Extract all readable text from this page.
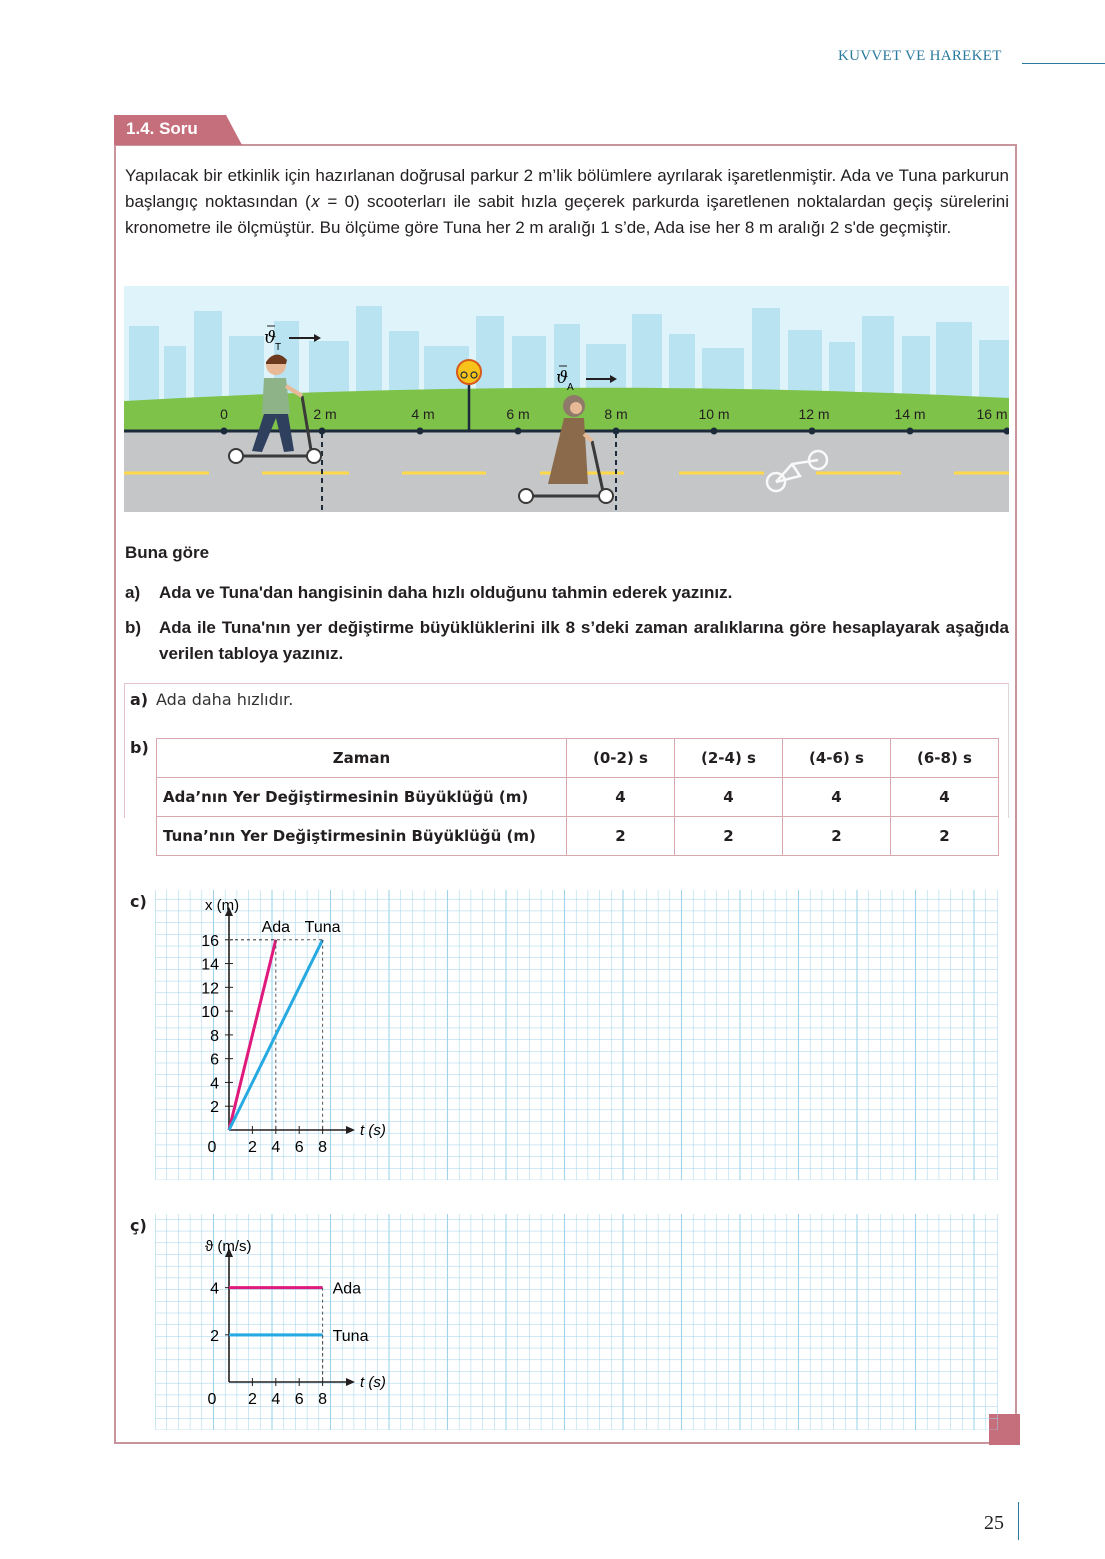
KUVVET VE HAREKET
1.4. Soru
Yapılacak bir etkinlik için hazırlanan doğrusal parkur 2 m’lik bölümlere ayrılarak işaretlenmiştir. Ada ve Tuna parkurun başlangıç noktasından (𝑥 = 0) scooterları ile sabit hızla geçerek parkurda işaretlenen noktalardan geçiş sürelerini kronometre ile ölçmüştür. Bu ölçüme göre Tuna her 2 m aralığı 1 s’de, Ada ise her 8 m aralığı 2 s'de geçmiştir.
0	2 m	4 m	6 m	8 m	10 m	12 m	14 m	16 m
ϑ
T
ϑ
A
Buna göre
a) Ada ve Tuna'dan hangisinin daha hızlı olduğunu tahmin ederek yazınız.
b) Ada ile Tuna'nın yer değiştirme büyüklüklerini ilk 8 s’deki zaman aralıklarına göre hesaplayarak aşağıda verilen tabloya yazınız.
a) Ada daha hızlıdır.
b)
Zaman	(0-2) s	(2-4) s	(4-6) s	(6-8) s
Ada’nın Yer Değiştirmesinin Büyüklüğü (m)	4	4	4	4
Tuna’nın Yer Değiştirmesinin Büyüklüğü (m)	2	2	2	2
c)
t (s)
x (m)
0 2 4 6 8
2
4
6
8
10
12
14
16
Ada Tuna
ç)
t (s)
ϑ (m/s)
0 2 4 6 8
2
4	Ada
Tuna
25
